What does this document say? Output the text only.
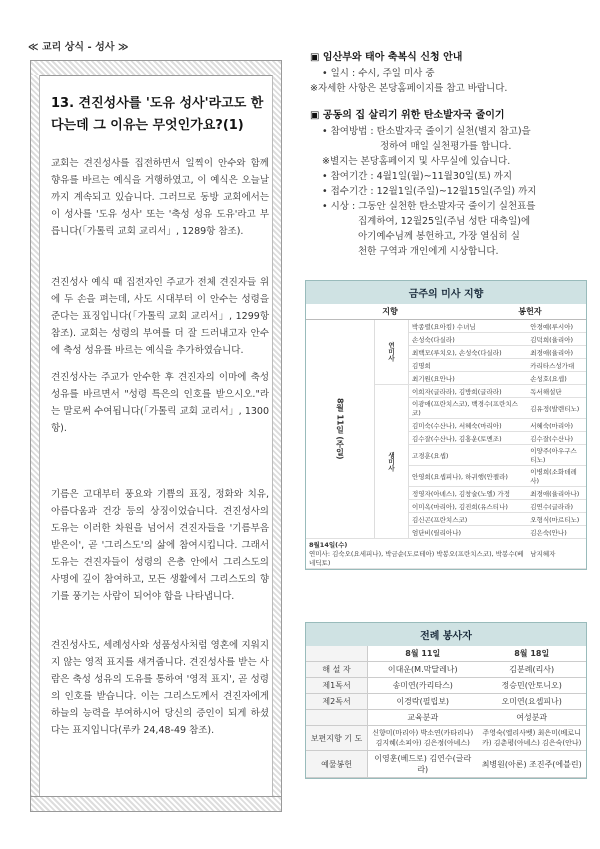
≪ 교리 상식 - 성사 ≫
13. 견진성사를 '도유 성사'라고도 한다는데 그 이유는 무엇인가요?(1)
교회는 견진성사를 집전하면서 일찍이 안수와 함께 향유를 바르는 예식을 거행하였고, 이 예식은 오늘날까지 계속되고 있습니다. 그러므로 동방 교회에서는 이 성사를 '도유 성사' 또는 '축성 성유 도유'라고 부릅니다(「가톨릭 교회 교리서」, 1289항 참조).
견진성사 예식 때 집전자인 주교가 전체 견진자들 위에 두 손을 펴는데, 사도 시대부터 이 안수는 성령을 준다는 표징입니다(「가톨릭 교회 교리서」, 1299항 참조). 교회는 성령의 부여를 더 잘 드러내고자 안수에 축성 성유를 바르는 예식을 추가하였습니다.
견진성사는 주교가 안수한 후 견진자의 이마에 축성 성유를 바르면서 "성령 특은의 인호를 받으시오."라는 말로써 수여됩니다(「가톨릭 교회 교리서」, 1300항).
기름은 고대부터 풍요와 기쁨의 표징, 정화와 치유, 아름다움과 건강 등의 상징이었습니다. 견진성사의 도유는 이러한 차원을 넘어서 견진자들을 '기름부음받은이', 곧 '그리스도'의 삶에 참여시킵니다. 그래서 도유는 견진자들이 성령의 은총 안에서 그리스도의 사명에 깊이 참여하고, 모든 생활에서 그리스도의 향기를 풍기는 사람이 되어야 함을 나타냅니다.
견진성사도, 세례성사와 성품성사처럼 영혼에 지워지지 않는 영적 표지를 새겨줍니다. 견진성사를 받는 사람은 축성 성유의 도유를 통하여 '영적 표지', 곧 성령의 인호를 받습니다. 이는 그리스도께서 견진자에게 하늘의 능력을 부여하시어 당신의 증인이 되게 하셨다는 표지입니다(루카 24,48-49 참조).
▣ 임산부와 태아 축복식 신청 안내
• 일시 : 수시, 주일 미사 중
※자세한 사항은 본당홈페이지를 참고 바랍니다.
▣ 공동의 집 살리기 위한 탄소발자국 줄이기
• 참여방법 : 탄소발자국 줄이기 실천(별지 참고)을
정하여 매일 실천평가를 합니다.
※별지는 본당홈페이지 및 사무실에 있습니다.
• 참여기간 : 4월1일(월)~11월30일(토) 까지
• 접수기간 : 12월1일(주일)~12월15일(주일) 까지
• 시상 : 그동안 실천한 탄소발자국 줄이기 실천표를
집계하여, 12월25일(주님 성탄 대축일)에
아기예수님께 봉헌하고, 가장 열심히 실
천한 구역과 개인에게 시상합니다.
금주의 미사 지향
지향	봉헌자
8월 11일 (주일)	연미사	박종렬(요아킴) 수녀님	안경예(루시아)
		손성숙(다실라)	김덕희(율리아)
		최백모(루치오), 손성숙(다실라)	최경애(율리아)
		김명희	카리타스성가대
		최기원(요안나)	손성호(요셉)
	생미사	이희자(글라라), 김방희(글라라)	독서해설단
		이광애(프란치스코), 백경수(프란치스코)	김유정(발렌티노)
		김미숙(수산나), 서혜숙(마리아)	서혜숙(마리아)
		김수잘(수산나), 김홍운(토멘조)	김수잘(수산나)
		고경훈(요셉)	이양주(아우구스티노)
		안영희(요셉피나), 하귀행(안젤라)	이병희(소화데레사)
		정영자(아녜스), 김창술(노엘) 가정	최경애(율리아나)
		이미옥(마리아), 김진희(유스티나)	김연수(글라라)
		김신곤(프란치스코)	오형식(마르티노)
		엄단비(릴리아나)	김은숙(안나)
8월14일(수)
연미사: 김숙오(요세피나), 박금순(도로테아) 박봉오(프란치스코), 박봉수(베네딕토)			남지혜자
전례 봉사자
	8월 11일	8월 18일
해 설 자	이대운(M.막달레나)	김분례(리사)
제1독서	송미연(카리타스)	정승민(안토니오)
제2독서	이경락(필립보)	오미연(요셉피나)
	교육분과	여성분과
보편지향 기 도	신향미(마리아) 박소연(카타리나) 김지혜(소피아) 김은정(아녜스)	주영숙(엘리사벳) 최은미(베로니카) 김춘평(아녜스) 김은숙(안나)
예물봉헌	이영훈(베드로) 김연수(글라라)	최병원(아론) 조진주(에블린)
